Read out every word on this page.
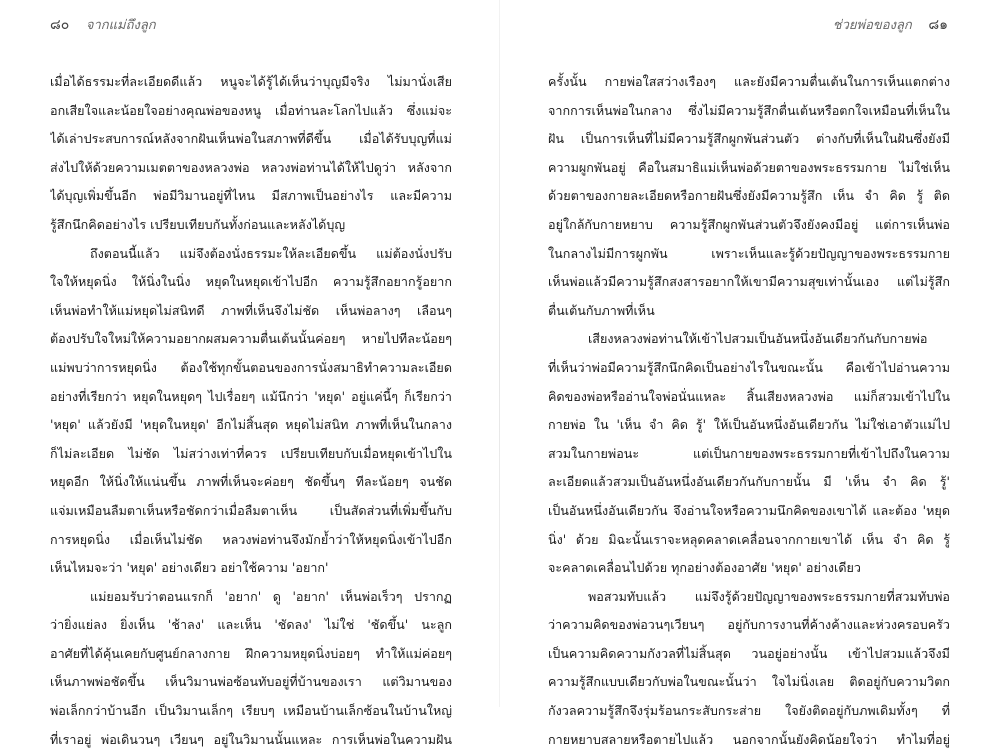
๘๐ จากแม่ถึงลูก
เมื่อได้ธรรมะที่ละเอียดดีแล้ว หนูจะได้รู้ได้เห็นว่าบุญมีจริง ไม่มานั่งเสีย
อกเสียใจและน้อยใจอย่างคุณพ่อของหนู เมื่อท่านละโลกไปแล้ว ซึ่งแม่จะ
ได้เล่าประสบการณ์หลังจากฝันเห็นพ่อในสภาพที่ดีขึ้น เมื่อได้รับบุญที่แม่
ส่งไปให้ด้วยความเมตตาของหลวงพ่อ หลวงพ่อท่านได้ให้ไปดูว่า หลังจาก
ได้บุญเพิ่มขึ้นอีก พ่อมีวิมานอยู่ที่ไหน มีสภาพเป็นอย่างไร และมีความ
รู้สึกนึกคิดอย่างไร เปรียบเทียบกันทั้งก่อนและหลังได้บุญ
ถึงตอนนี้แล้ว แม่จึงต้องนั่งธรรมะให้ละเอียดขึ้น แม่ต้องนั่งปรับ
ใจให้หยุดนิ่ง ให้นิ่งในนิ่ง หยุดในหยุดเข้าไปอีก ความรู้สึกอยากรู้อยาก
เห็นพ่อทำให้แม่หยุดไม่สนิทดี ภาพที่เห็นจึงไม่ชัด เห็นพ่อลางๆ เลือนๆ
ต้องปรับใจใหม่ให้ความอยากผสมความตื่นเต้นนั้นค่อยๆ หายไปทีละน้อยๆ
แม่พบว่าการหยุดนิ่ง ต้องใช้ทุกขั้นตอนของการนั่งสมาธิทำความละเอียด
อย่างที่เรียกว่า หยุดในหยุดๆ ไปเรื่อยๆ แม้นึกว่า 'หยุด' อยู่แค่นี้ๆ ก็เรียกว่า
'หยุด' แล้วยังมี 'หยุดในหยุด' อีกไม่สิ้นสุด หยุดไม่สนิท ภาพที่เห็นในกลาง
ก็ไม่ละเอียด ไม่ชัด ไม่สว่างเท่าที่ควร เปรียบเทียบกับเมื่อหยุดเข้าไปใน
หยุดอีก ให้นิ่งให้แน่นขึ้น ภาพที่เห็นจะค่อยๆ ชัดขึ้นๆ ทีละน้อยๆ จนชัด
แจ่มเหมือนลืมตาเห็นหรือชัดกว่าเมื่อลืมตาเห็น เป็นสัดส่วนที่เพิ่มขึ้นกับ
การหยุดนิ่ง เมื่อเห็นไม่ชัด หลวงพ่อท่านจึงมักย้ำว่าให้หยุดนิ่งเข้าไปอีก
เห็นไหมจะว่า 'หยุด' อย่างเดียว อย่าใช้ความ 'อยาก'
แม่ยอมรับว่าตอนแรกก็ 'อยาก' ดู 'อยาก' เห็นพ่อเร็วๆ ปรากฏ
ว่ายิ่งแย่ลง ยิ่งเห็น 'ช้าลง' และเห็น 'ชัดลง' ไม่ใช่ 'ชัดขึ้น' นะลูก
อาศัยที่ได้คุ้นเคยกับศูนย์กลางกาย ฝึกความหยุดนิ่งบ่อยๆ ทำให้แม่ค่อยๆ
เห็นภาพพ่อชัดขึ้น เห็นวิมานพ่อซ้อนทับอยู่ที่บ้านของเรา แต่วิมานของ
พ่อเล็กกว่าบ้านอีก เป็นวิมานเล็กๆ เรียบๆ เหมือนบ้านเล็กซ้อนในบ้านใหญ่
ที่เราอยู่ พ่อเดินวนๆ เวียนๆ อยู่ในวิมานนั้นแหละ การเห็นพ่อในความฝัน
ช่วยพ่อของลูก ๘๑
ครั้งนั้น กายพ่อใสสว่างเรืองๆ และยังมีความตื่นเต้นในการเห็นแตกต่าง
จากการเห็นพ่อในกลาง ซึ่งไม่มีความรู้สึกตื่นเต้นหรือตกใจเหมือนที่เห็นใน
ฝัน เป็นการเห็นที่ไม่มีความรู้สึกผูกพันส่วนตัว ต่างกับที่เห็นในฝันซึ่งยังมี
ความผูกพันอยู่ คือในสมาธิแม่เห็นพ่อด้วยตาของพระธรรมกาย ไม่ใช่เห็น
ด้วยตาของกายละเอียดหรือกายฝันซึ่งยังมีความรู้สึก เห็น จำ คิด รู้ ติด
อยู่ใกล้กับกายหยาบ ความรู้สึกผูกพันส่วนตัวจึงยังคงมีอยู่ แต่การเห็นพ่อ
ในกลางไม่มีการผูกพัน เพราะเห็นและรู้ด้วยปัญญาของพระธรรมกาย
เห็นพ่อแล้วมีความรู้สึกสงสารอยากให้เขามีความสุขเท่านั้นเอง แต่ไม่รู้สึก
ตื่นเต้นกับภาพที่เห็น
เสียงหลวงพ่อท่านให้เข้าไปสวมเป็นอันหนึ่งอันเดียวกันกับกายพ่อ
ที่เห็นว่าพ่อมีความรู้สึกนึกคิดเป็นอย่างไรในขณะนั้น คือเข้าไปอ่านความ
คิดของพ่อหรืออ่านใจพ่อนั่นแหละ สิ้นเสียงหลวงพ่อ แม่ก็สวมเข้าไปใน
กายพ่อ ใน 'เห็น จำ คิด รู้' ให้เป็นอันหนึ่งอันเดียวกัน ไม่ใช่เอาตัวแม่ไป
สวมในกายพ่อนะ แต่เป็นกายของพระธรรมกายที่เข้าไปถึงในความ
ละเอียดแล้วสวมเป็นอันหนึ่งอันเดียวกันกับกายนั้น มี 'เห็น จำ คิด รู้'
เป็นอันหนึ่งอันเดียวกัน จึงอ่านใจหรือความนึกคิดของเขาได้ และต้อง 'หยุด
นิ่ง' ด้วย มิฉะนั้นเราจะหลุดคลาดเคลื่อนจากกายเขาได้ เห็น จำ คิด รู้
จะคลาดเคลื่อนไปด้วย ทุกอย่างต้องอาศัย 'หยุด' อย่างเดียว
พอสวมทับแล้ว แม่จึงรู้ด้วยปัญญาของพระธรรมกายที่สวมทับพ่อ
ว่าความคิดของพ่อวนๆเวียนๆ อยู่กับการงานที่ค้างค้างและห่วงครอบครัว
เป็นความคิดความกังวลที่ไม่สิ้นสุด วนอยู่อย่างนั้น เข้าไปสวมแล้วจึงมี
ความรู้สึกแบบเดียวกับพ่อในขณะนั้นว่า ใจไม่นิ่งเลย ติดอยู่กับความวิตก
กังวลความรู้สึกจึงรุ่มร้อนกระสับกระส่าย ใจยังติดอยู่กับภพเดิมทั้งๆ ที่
กายหยาบสลายหรือตายไปแล้ว นอกจากนั้นยังคิดน้อยใจว่า ทำไมที่อยู่
